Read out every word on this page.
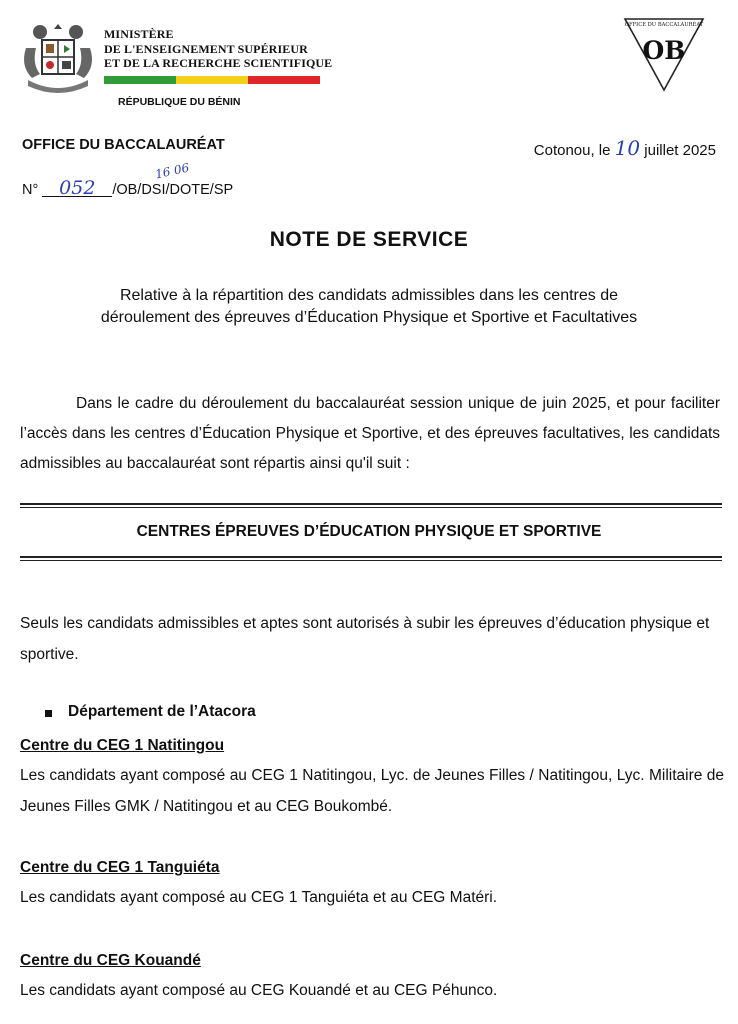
• • •
MINISTÈRE
DE L'ENSEIGNEMENT SUPÉRIEUR
ET DE LA RECHERCHE SCIENTIFIQUE
RÉPUBLIQUE DU BÉNIN
OFFICE DU BACCALAURÉAT
OB
OFFICE DU BACCALAURÉAT	Cotonou, le 10 juillet 2025
N° 052 /OB/DSI/DOTE/SP
16 06
NOTE DE SERVICE
Relative à la répartition des candidats admissibles dans les centres de
déroulement des épreuves d’Éducation Physique et Sportive et Facultatives
Dans le cadre du déroulement du baccalauréat session unique de juin 2025, et pour faciliter l’accès dans les centres d’Éducation Physique et Sportive, et des épreuves facultatives, les candidats admissibles au baccalauréat sont répartis ainsi qu'il suit :
CENTRES ÉPREUVES D’ÉDUCATION PHYSIQUE ET SPORTIVE
Seuls les candidats admissibles et aptes sont autorisés à subir les épreuves d’éducation physique et sportive.
Département de l’Atacora
Centre du CEG 1 Natitingou
Les candidats ayant composé au CEG 1 Natitingou, Lyc. de Jeunes Filles / Natitingou, Lyc. Militaire de Jeunes Filles GMK / Natitingou et au CEG Boukombé.
Centre du CEG 1 Tanguiéta
Les candidats ayant composé au CEG 1 Tanguiéta et au CEG Matéri.
Centre du CEG Kouandé
Les candidats ayant composé au CEG Kouandé et au CEG Péhunco.
